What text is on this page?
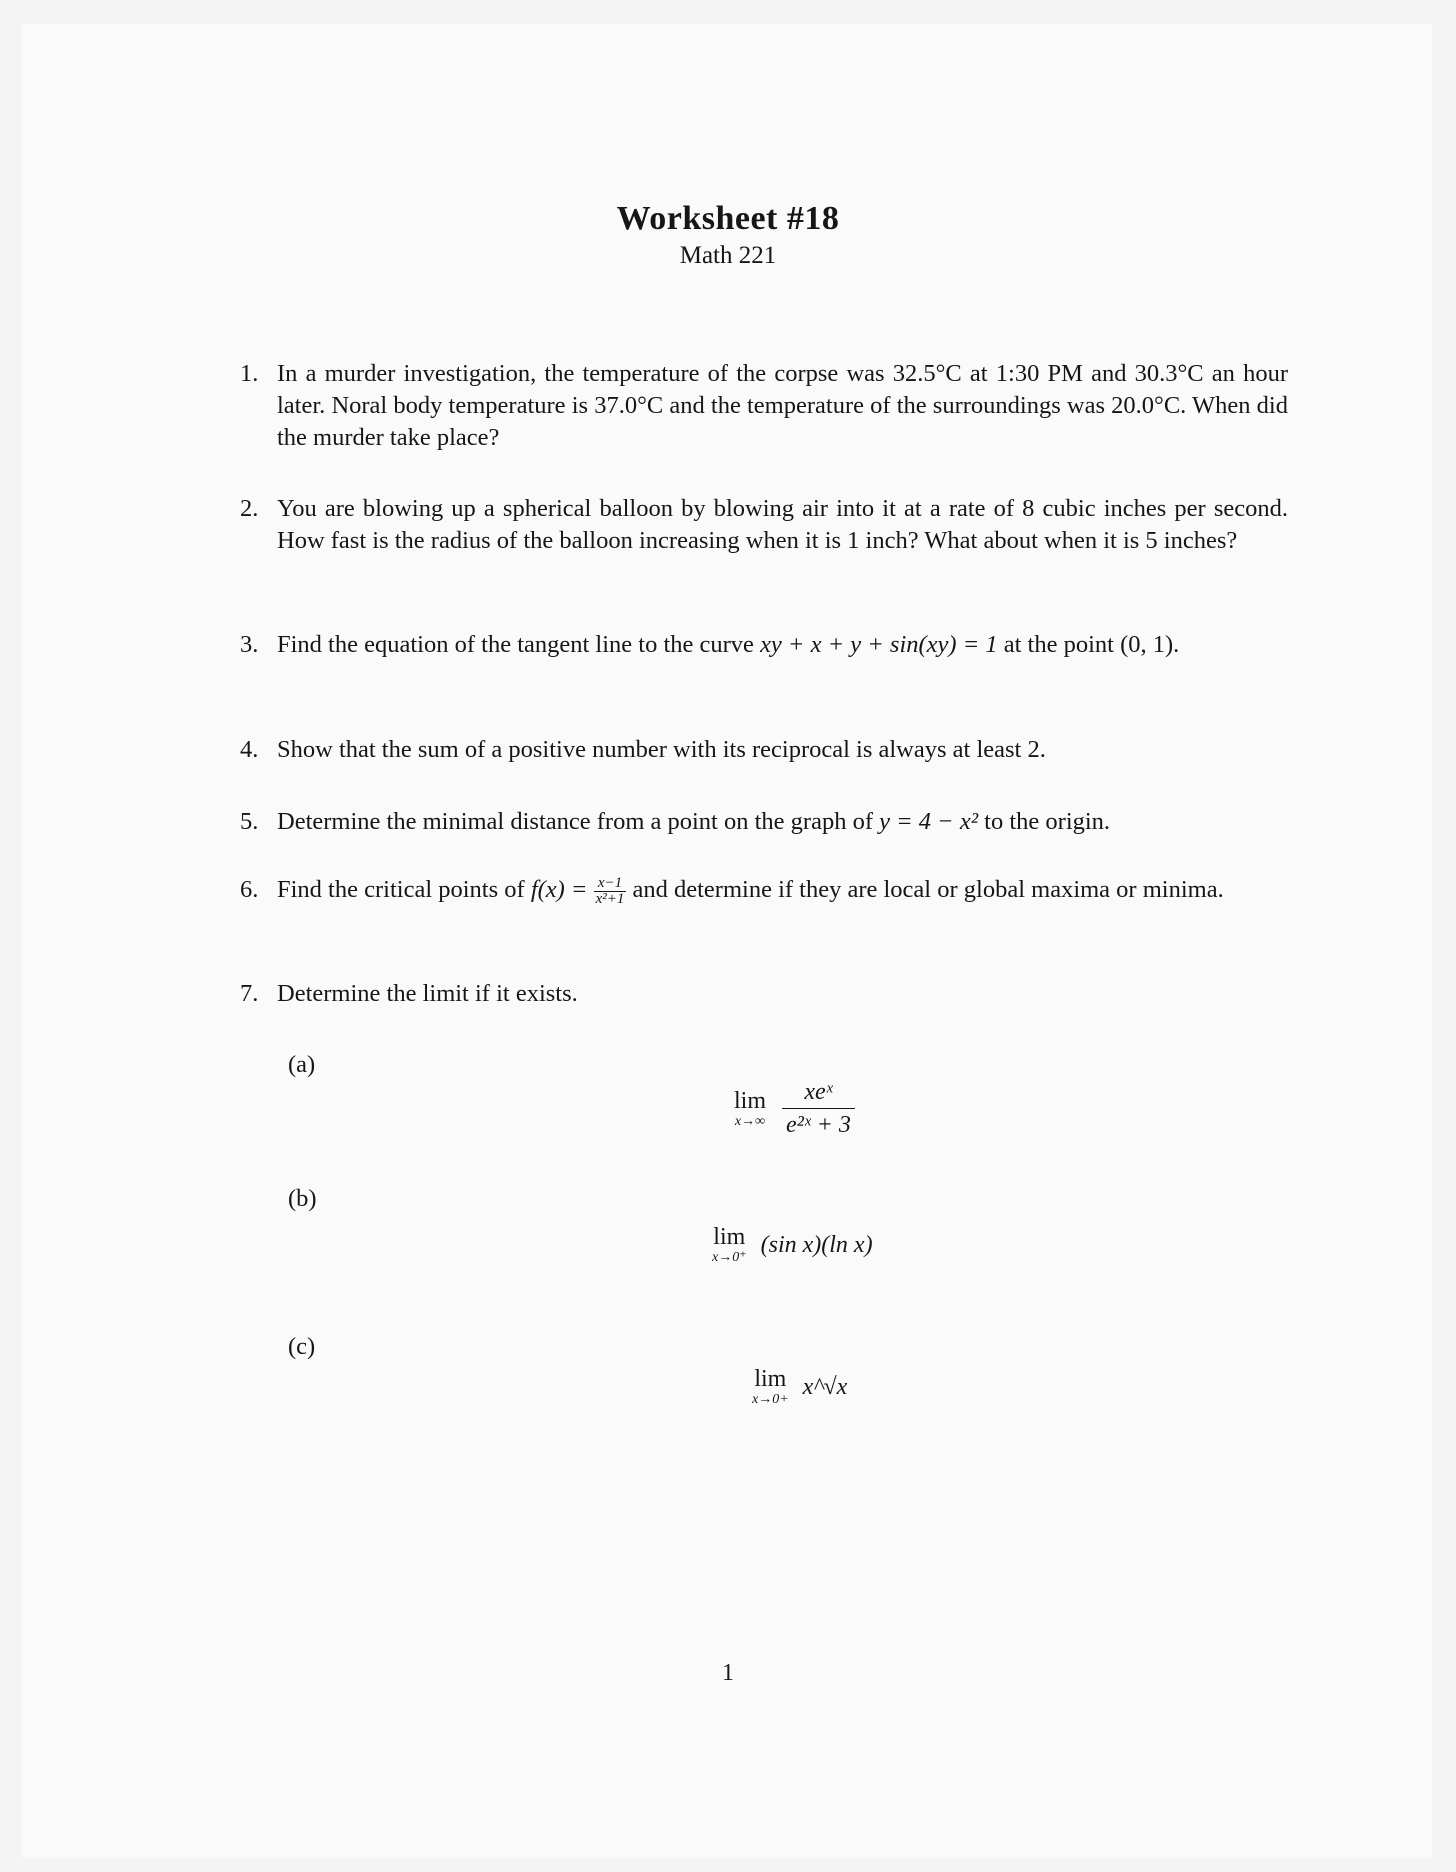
Worksheet #18
Math 221
1. In a murder investigation, the temperature of the corpse was 32.5°C at 1:30 PM and 30.3°C an hour later. Noral body temperature is 37.0°C and the temperature of the surroundings was 20.0°C. When did the murder take place?
2. You are blowing up a spherical balloon by blowing air into it at a rate of 8 cubic inches per second. How fast is the radius of the balloon increasing when it is 1 inch? What about when it is 5 inches?
3. Find the equation of the tangent line to the curve xy + x + y + sin(xy) = 1 at the point (0, 1).
4. Show that the sum of a positive number with its reciprocal is always at least 2.
5. Determine the minimal distance from a point on the graph of y = 4 − x² to the origin.
6. Find the critical points of $f(x) = \frac{x-1}{\text{x²+1}}$ and determine if they are local or global maxima or minima.
7. Determine the limit if it exists.
(a)
lim
x→∞
xeˣ
e²ˣ + 3
(b)
lim
x→0⁺ (sin x)(ln x)
(c)
lim
x→0+ x^√x
1
